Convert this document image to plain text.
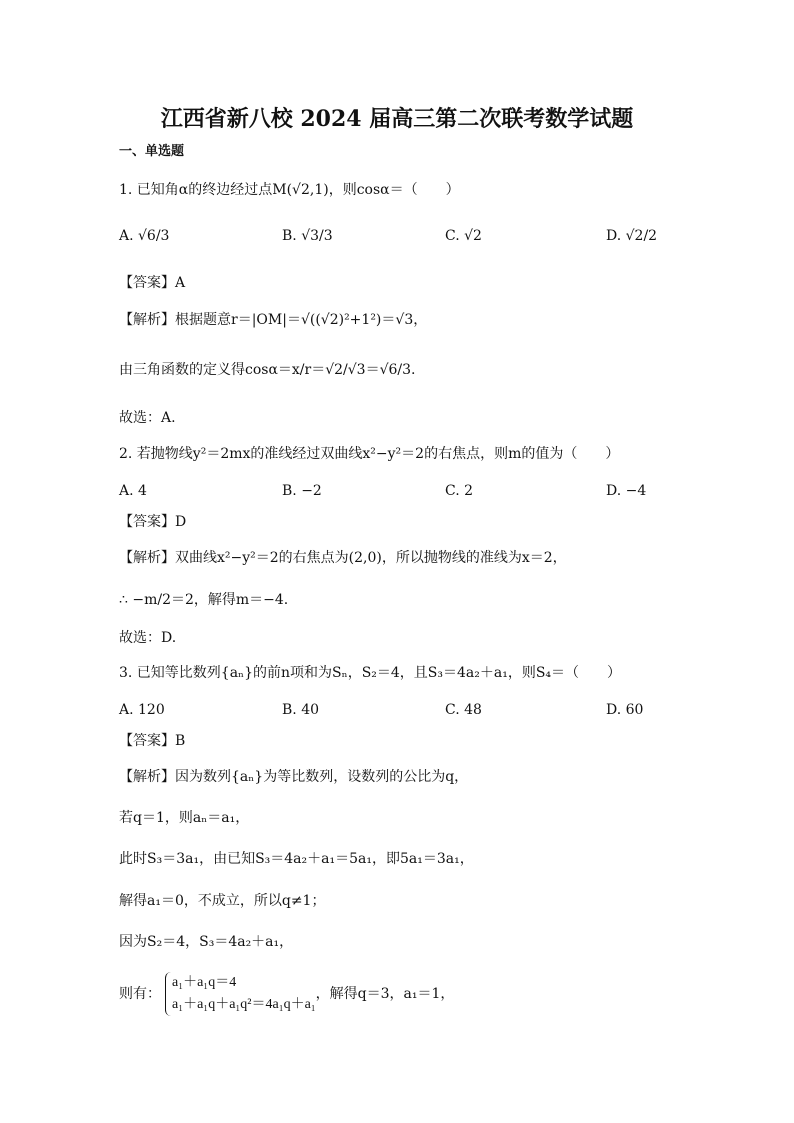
江西省新八校 2024 届高三第二次联考数学试题
一、单选题
1. 已知角α的终边经过点M(√2,1)，则cosα＝（　　）
A. √6/3	B. √3/3	C. √2	D. √2/2
【答案】A
【解析】根据题意r＝|OM|＝√((√2)²+1²)＝√3，
由三角函数的定义得cosα＝x/r＝√2/√3＝√6/3.
故选：A.
2. 若抛物线y²＝2mx的准线经过双曲线x²−y²＝2的右焦点，则m的值为（　　）
A. 4	B. −2	C. 2	D. −4
【答案】D
【解析】双曲线x²−y²＝2的右焦点为(2,0)，所以抛物线的准线为x＝2，
∴ −m/2＝2，解得m＝−4.
故选：D.
3. 已知等比数列{aₙ}的前n项和为Sₙ，S₂＝4，且S₃＝4a₂＋a₁，则S₄＝（　　）
A. 120	B. 40	C. 48	D. 60
【答案】B
【解析】因为数列{aₙ}为等比数列，设数列的公比为q，
若q＝1，则aₙ＝a₁，
此时S₃＝3a₁，由已知S₃＝4a₂＋a₁＝5a₁，即5a₁＝3a₁，
解得a₁＝0，不成立，所以q≠1；
因为S₂＝4，S₃＝4a₂＋a₁，
则有：
a₁＋a₁q＝4
a₁＋a₁q＋a₁q²＝4a₁q＋a₁
，解得q＝3，a₁＝1，
